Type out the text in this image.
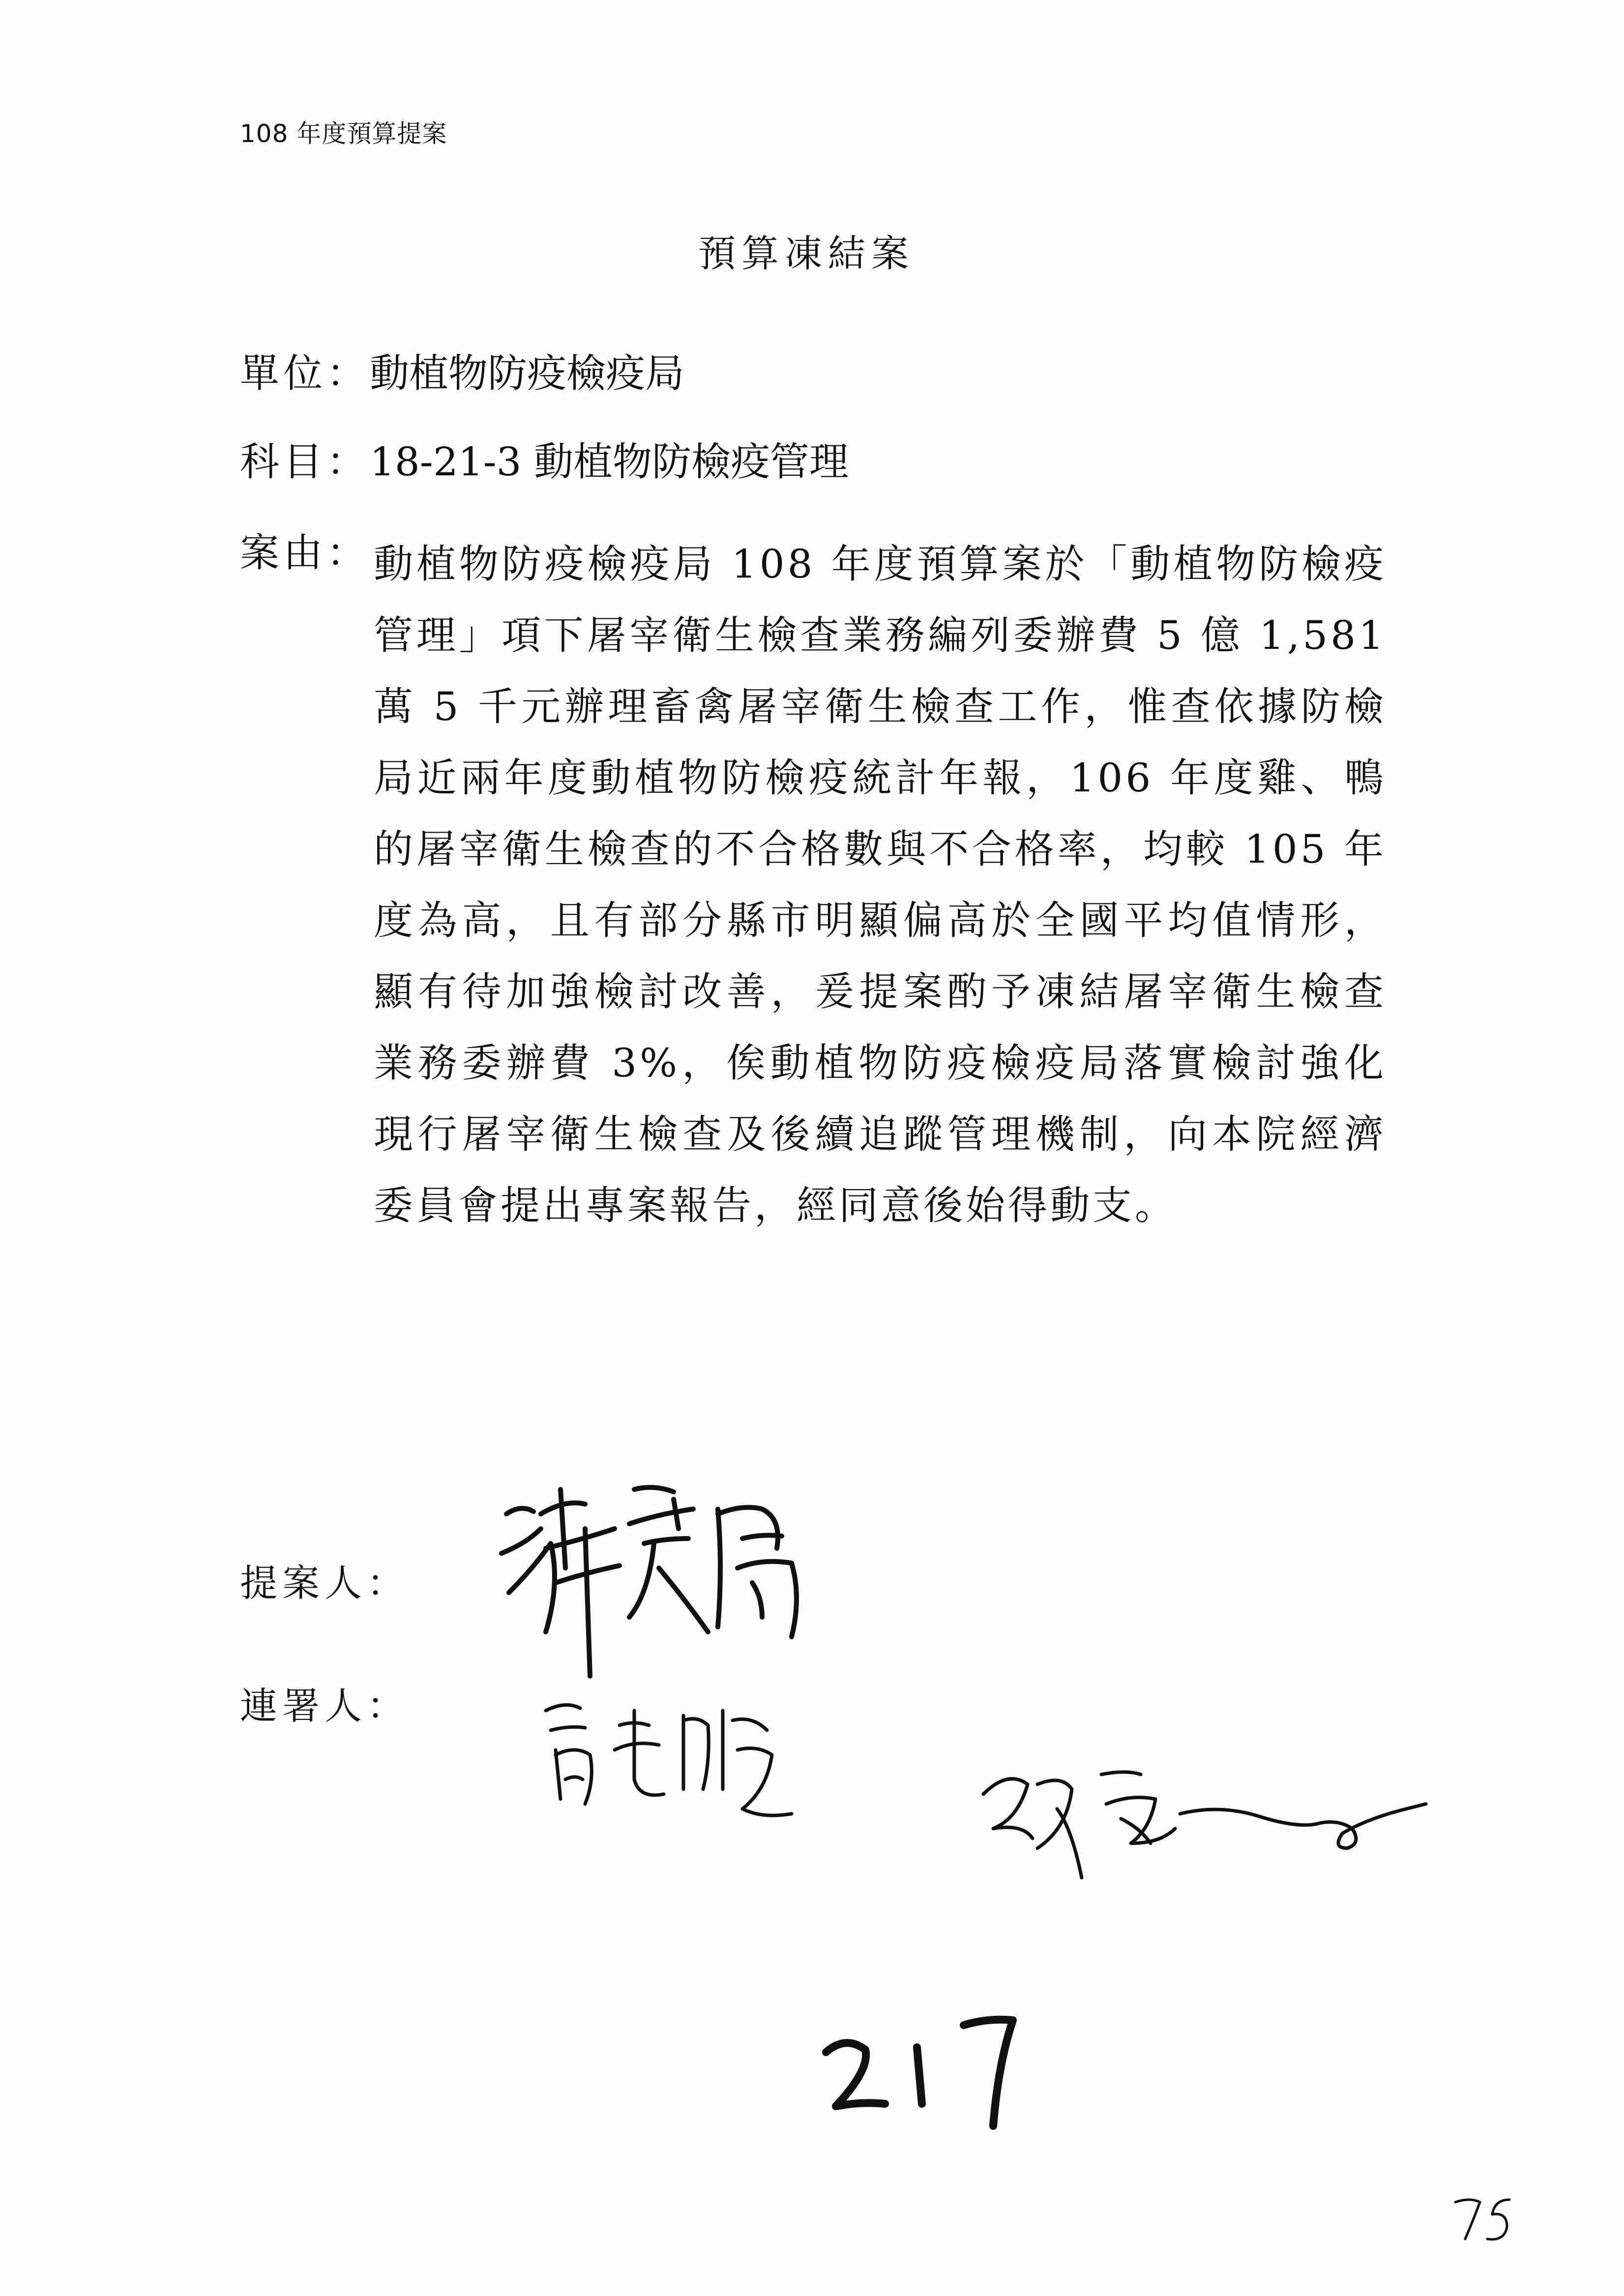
108 年度預算提案
預算凍結案
單位：動植物防疫檢疫局
科目：18-21-3 動植物防檢疫管理
案由： 動植物防疫檢疫局 108 年度預算案於「動植物防檢疫管理」項下屠宰衛生檢查業務編列委辦費 5 億 1,581 萬 5 千元辦理畜禽屠宰衛生檢查工作，惟查依據防檢局近兩年度動植物防檢疫統計年報，106 年度雞、鴨的屠宰衛生檢查的不合格數與不合格率，均較 105 年度為高，且有部分縣市明顯偏高於全國平均值情形，顯有待加強檢討改善，爰提案酌予凍結屠宰衛生檢查業務委辦費 3%，俟動植物防疫檢疫局落實檢討強化現行屠宰衛生檢查及後續追蹤管理機制，向本院經濟委員會提出專案報告，經同意後始得動支。
提案人：
連署人：
